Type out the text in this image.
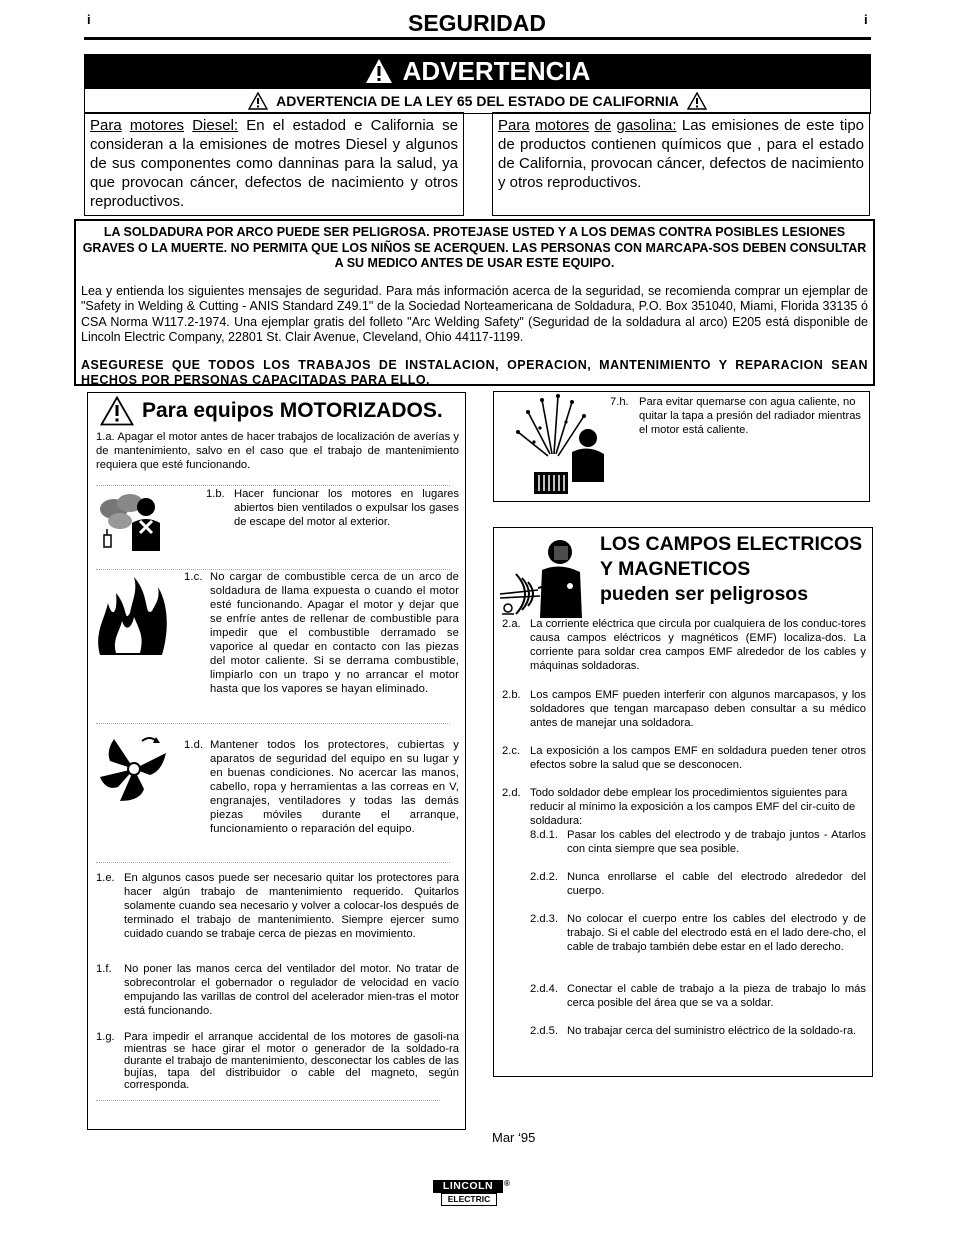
i	i
SEGURIDAD
ADVERTENCIA
ADVERTENCIA DE LA LEY 65 DEL ESTADO DE CALIFORNIA
Para motores Diesel: En el estadod e California se consideran a la emisiones de motres Diesel y algunos de sus componentes como danninas para la salud, ya que provocan cáncer, defectos de nacimiento y otros reproductivos.
Para motores de gasolina: Las emisiones de este tipo de productos contienen químicos que , para el estado de California, provocan cáncer, defectos de nacimiento y otros reproductivos.
LA SOLDADURA POR ARCO PUEDE SER PELIGROSA. PROTEJASE USTED Y A LOS DEMAS CONTRA POSIBLES LESIONES GRAVES O LA MUERTE. NO PERMITA QUE LOS NIÑOS SE ACERQUEN. LAS PERSONAS CON MARCAPA-SOS DEBEN CONSULTAR A SU MEDICO ANTES DE USAR ESTE EQUIPO.
Lea y entienda los siguientes mensajes de seguridad. Para más información acerca de la seguridad, se recomienda comprar un ejemplar de "Safety in Welding & Cutting - ANIS Standard Z49.1" de la Sociedad Norteamericana de Soldadura, P.O. Box 351040, Miami, Florida 33135 ó CSA Norma W117.2-1974. Una ejemplar gratis del folleto "Arc Welding Safety" (Seguridad de la soldadura al arco) E205 está disponible de Lincoln Electric Company, 22801 St. Clair Avenue, Cleveland, Ohio 44117-1199.
ASEGURESE QUE TODOS LOS TRABAJOS DE INSTALACION, OPERACION, MANTENIMIENTO Y REPARACION SEAN HECHOS POR PERSONAS CAPACITADAS PARA ELLO.
Para equipos MOTORIZADOS.
1.a. Apagar el motor antes de hacer trabajos de localización de averías y de mantenimiento, salvo en el caso que el trabajo de mantenimiento requiera que esté funcionando.
1.b. Hacer funcionar los motores en lugares abiertos bien ventilados o expulsar los gases de escape del motor al exterior.
1.c. No cargar de combustible cerca de un arco de soldadura de llama expuesta o cuando el motor esté funcionando. Apagar el motor y dejar que se enfríe antes de rellenar de combustible para impedir que el combustible derramado se vaporice al quedar en contacto con las piezas del motor caliente. Si se derrama combustible, limpiarlo con un trapo y no arrancar el motor hasta que los vapores se hayan eliminado.
1.d. Mantener todos los protectores, cubiertas y aparatos de seguridad del equipo en su lugar y en buenas condiciones. No acercar las manos, cabello, ropa y herramientas a las correas en V, engranajes, ventiladores y todas las demás piezas móviles durante el arranque, funcionamiento o reparación del equipo.
1.e. En algunos casos puede ser necesario quitar los protectores para hacer algún trabajo de mantenimiento requerido. Quitarlos solamente cuando sea necesario y volver a colocar-los después de terminado el trabajo de mantenimiento. Siempre ejercer sumo cuidado cuando se trabaje cerca de piezas en movimiento.
1.f. No poner las manos cerca del ventilador del motor. No tratar de sobrecontrolar el gobernador o regulador de velocidad en vacío empujando las varillas de control del acelerador mien-tras el motor está funcionando.
1.g. Para impedir el arranque accidental de los motores de gasoli-na mientras se hace girar el motor o generador de la soldado-ra durante el trabajo de mantenimiento, desconectar los cables de las bujías, tapa del distribuidor o cable del magneto, según corresponda.
7.h. Para evitar quemarse con agua caliente, no quitar la tapa a presión del radiador mientras el motor está caliente.
LOS CAMPOS ELECTRICOS
Y MAGNETICOS
pueden ser peligrosos
2.a. La corriente eléctrica que circula por cualquiera de los conduc-tores causa campos eléctricos y magnéticos (EMF) localiza-dos. La corriente para soldar crea campos EMF alrededor de los cables y máquinas soldadoras.
2.b. Los campos EMF pueden interferir con algunos marcapasos, y los soldadores que tengan marcapaso deben consultar a su médico antes de manejar una soldadora.
2.c. La exposición a los campos EMF en soldadura pueden tener otros efectos sobre la salud que se desconocen.
2.d. Todo soldador debe emplear los procedimientos siguientes para reducir al mínimo la exposición a los campos EMF del cir-cuito de soldadura:
8.d.1. Pasar los cables del electrodo y de trabajo juntos - Atarlos con cinta siempre que sea posible.
2.d.2. Nunca enrollarse el cable del electrodo alrededor del cuerpo.
2.d.3. No colocar el cuerpo entre los cables del electrodo y de trabajo. Si el cable del electrodo está en el lado dere-cho, el cable de trabajo también debe estar en el lado derecho.
2.d.4. Conectar el cable de trabajo a la pieza de trabajo lo más cerca posible del área que se va a soldar.
2.d.5. No trabajar cerca del suministro eléctrico de la soldado-ra.
Mar ‘95
LINCOLN
ELECTRIC
®
